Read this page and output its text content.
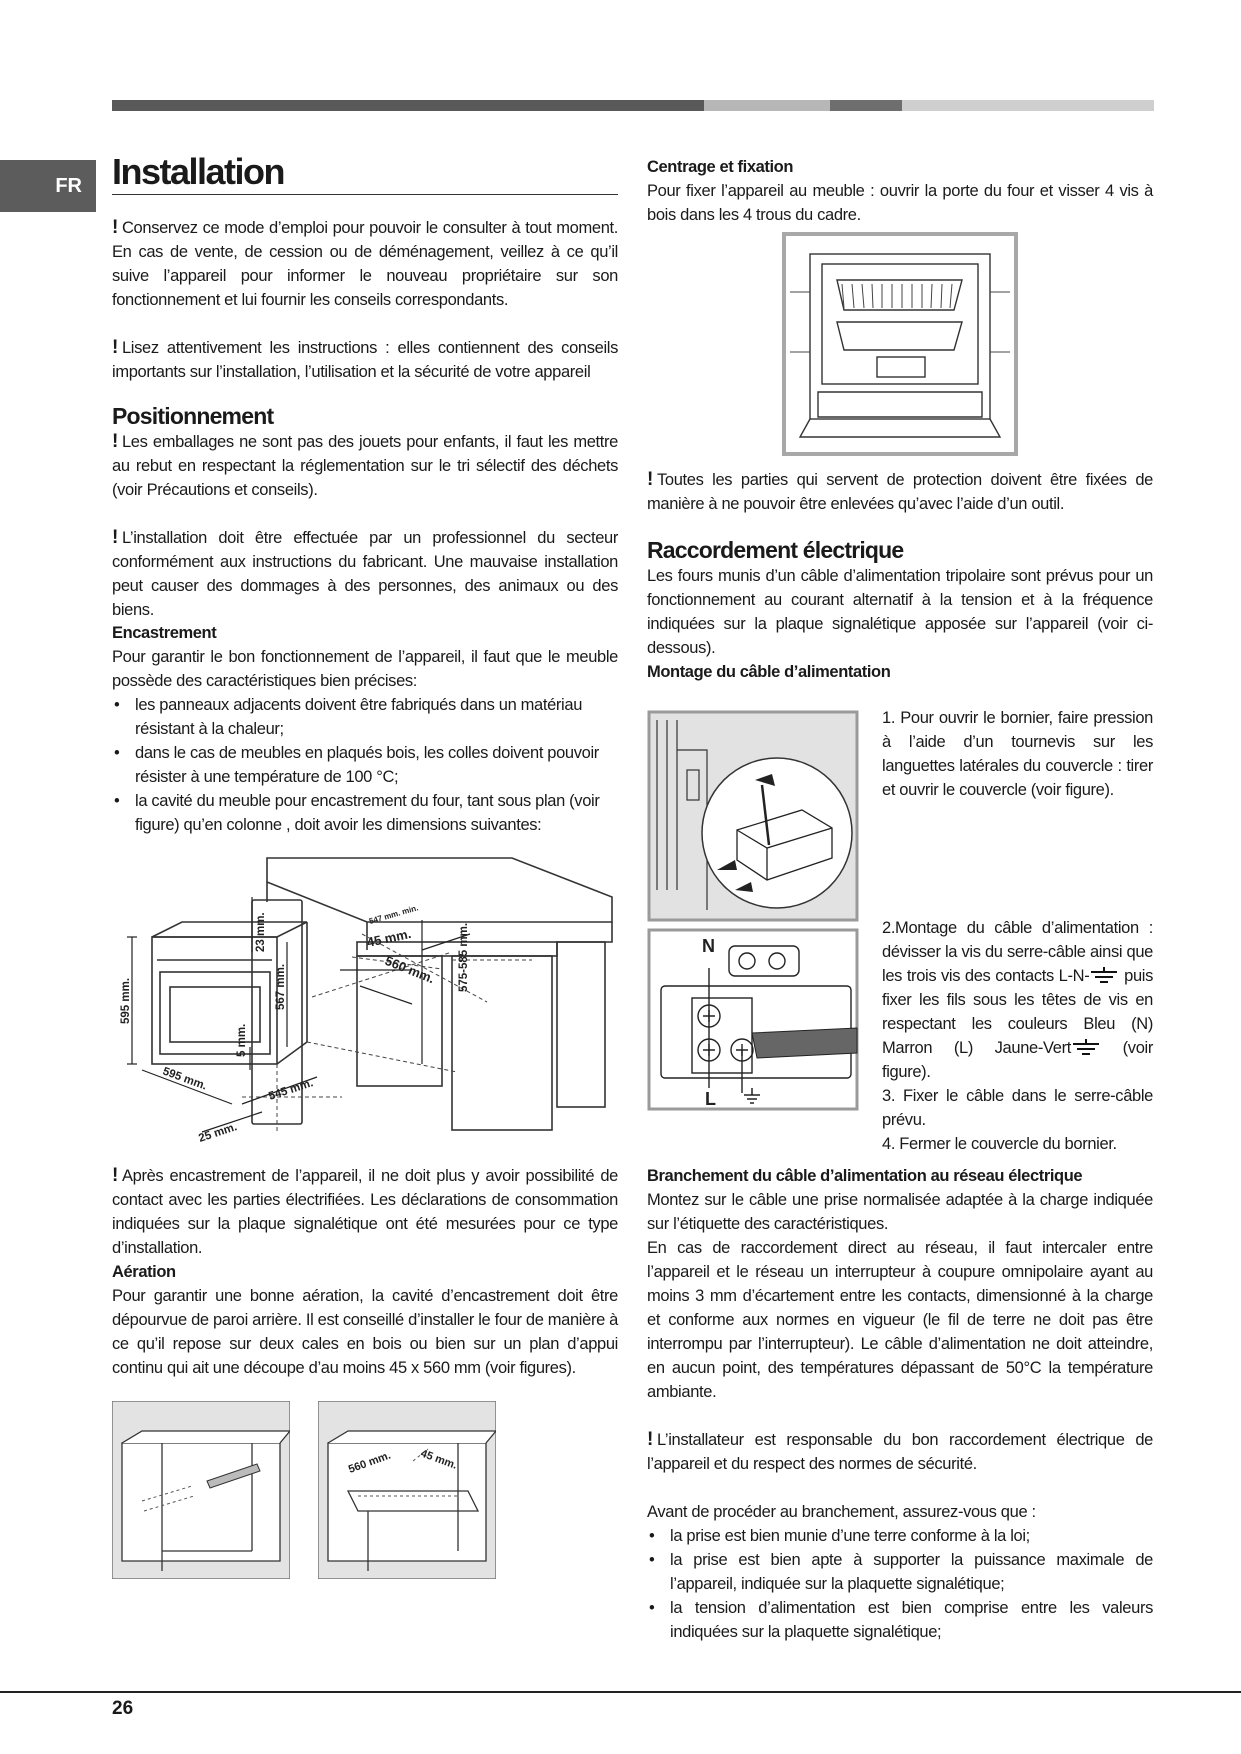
FR Installation

! Conservez ce mode d’emploi pour pouvoir le consulter à tout moment. En cas de vente, de cession ou de déménagement, veillez à ce qu’il suive l’appareil pour informer le nouveau propriétaire sur son fonctionnement et lui fournir les conseils correspondants.

! Lisez attentivement les instructions : elles contiennent des conseils importants sur l’installation, l’utilisation et la sécurité de votre appareil

Positionnement

! Les emballages ne sont pas des jouets pour enfants, il faut les mettre au rebut en respectant la réglementation sur le tri sélectif des déchets (voir Précautions et conseils).

! L’installation doit être effectuée par un professionnel du secteur conformément aux instructions du fabricant. Une mauvaise installation peut causer des dommages à des personnes, des animaux ou des biens.

Encastrement

Pour garantir le bon fonctionnement de l’appareil, il faut que le meuble possède des caractéristiques bien précises:

• les panneaux adjacents doivent être fabriqués dans un matériau résistant à la chaleur;
• dans le cas de meubles en plaqués bois, les colles doivent pouvoir résister à une température de 100 °C;
• la cavité du meuble pour encastrement du four, tant sous plan (voir figure) qu’en colonne , doit avoir les dimensions suivantes:
595 mm.
23 mm.
567 mm.
5 mm.
595 mm.	545 mm.
25 mm.
547 mm. min.
45 mm.
560 mm. 575-585 mm.

! Après encastrement de l’appareil, il ne doit plus y avoir possibilité de contact avec les parties électrifiées. Les déclarations de consommation indiquées sur la plaque signalétique ont été mesurées pour ce type d’installation.

Aération

Pour garantir une bonne aération, la cavité d’encastrement doit être dépourvue de paroi arrière. Il est conseillé d’installer le four de manière à ce qu’il repose sur deux cales en bois ou bien sur un plan d’appui continu qui ait une découpe d’au moins 45 x 560 mm (voir figures).

560 mm. 45 mm.
Centrage et fixation

Pour fixer l’appareil au meuble : ouvrir la porte du four et visser 4 vis à bois dans les 4 trous du cadre.

! Toutes les parties qui servent de protection doivent être fixées de manière à ne pouvoir être enlevées qu’avec l’aide d’un outil.

Raccordement électrique

Les fours munis d’un câble d’alimentation tripolaire sont prévus pour un fonctionnement au courant alternatif à la tension et à la fréquence indiquées sur la plaque signalétique apposée sur l’appareil (voir ci-dessous).

Montage du câble d’alimentation

1. Pour ouvrir le bornier, faire pression à l’aide d’un tournevis sur les languettes latérales du couvercle : tirer et ouvrir le couvercle (voir figure).

N
L

2.Montage du câble d’alimentation : dévisser la vis du serre-câble ainsi que les trois vis des contacts L-N- puis fixer les fils sous les têtes de vis en respectant les couleurs Bleu (N) Marron (L) Jaune-Vert	(voir figure).

3. Fixer le câble dans le serre-câble prévu.

4. Fermer le couvercle du bornier.

Branchement du câble d’alimentation au réseau électrique

Montez sur le câble une prise normalisée adaptée à la charge indiquée sur l’étiquette des caractéristiques.

En cas de raccordement direct au réseau, il faut intercaler entre l’appareil et le réseau un interrupteur à coupure omnipolaire ayant au moins 3 mm d’écartement entre les contacts, dimensionné à la charge et conforme aux normes en vigueur (le fil de terre ne doit pas être interrompu par l’interrupteur). Le câble d’alimentation ne doit atteindre, en aucun point, des températures dépassant de 50°C la température ambiante.

! L’installateur est responsable du bon raccordement électrique de l’appareil et du respect des normes de sécurité.

Avant de procéder au branchement, assurez-vous que :

• la prise est bien munie d’une terre conforme à la loi;
• la prise est bien apte à supporter la puissance maximale de l’appareil, indiquée sur la plaquette signalétique;
• la tension d’alimentation est bien comprise entre les valeurs indiquées sur la plaquette signalétique;
26
